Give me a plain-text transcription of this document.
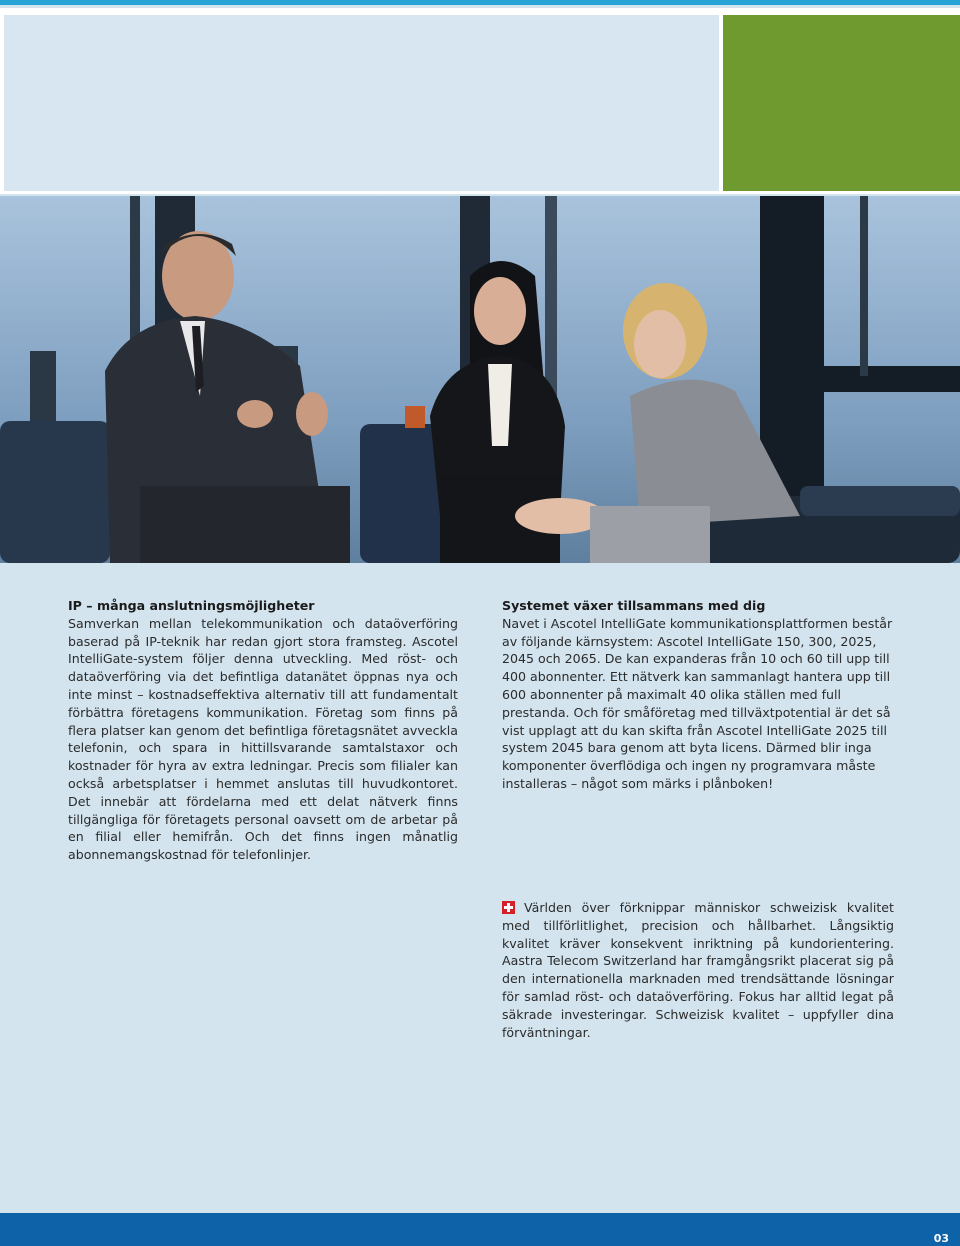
IP – många anslutningsmöjligheter

Samverkan mellan telekommunikation och dataöverföring baserad på IP-teknik har redan gjort stora framsteg. Ascotel IntelliGate-system följer denna utveckling. Med röst- och dataöverföring via det befintliga datanätet öppnas nya och inte minst – kostnadseffektiva alternativ till att fundamentalt förbättra företagens kommunikation. Företag som finns på flera platser kan genom det befintliga företagsnätet avveckla telefonin, och spara in hittillsvarande samtalstaxor och kostnader för hyra av extra ledningar. Precis som filialer kan också arbetsplatser i hemmet anslutas till huvudkontoret. Det innebär att fördelarna med ett delat nätverk finns tillgängliga för företagets personal oavsett om de arbetar på en filial eller hemifrån. Och det finns ingen månatlig abonnemangskostnad för telefonlinjer.

Systemet växer tillsammans med dig

Navet i Ascotel IntelliGate kommunikationsplattformen består av följande kärnsystem: Ascotel IntelliGate 150, 300, 2025, 2045 och 2065. De kan expanderas från 10 och 60 till upp till 400 abonnenter. Ett nätverk kan sammanlagt hantera upp till 600 abonnenter på maximalt 40 olika ställen med full prestanda. Och för småföretag med tillväxtpotential är det så vist upplagt att du kan skifta från Ascotel IntelliGate 2025 till system 2045 bara genom att byta licens. Därmed blir inga komponenter överflödiga och ingen ny programvara måste installeras – något som märks i plånboken!

Världen över förknippar människor schweizisk kvalitet med tillförlitlighet, precision och hållbarhet. Långsiktig kvalitet kräver konsekvent inriktning på kundorientering. Aastra Telecom Switzerland har framgångsrikt placerat sig på den internationella marknaden med trendsättande lösningar för samlad röst- och dataöverföring. Fokus har alltid legat på säkrade investeringar. Schweizisk kvalitet – uppfyller dina förväntningar.
03
